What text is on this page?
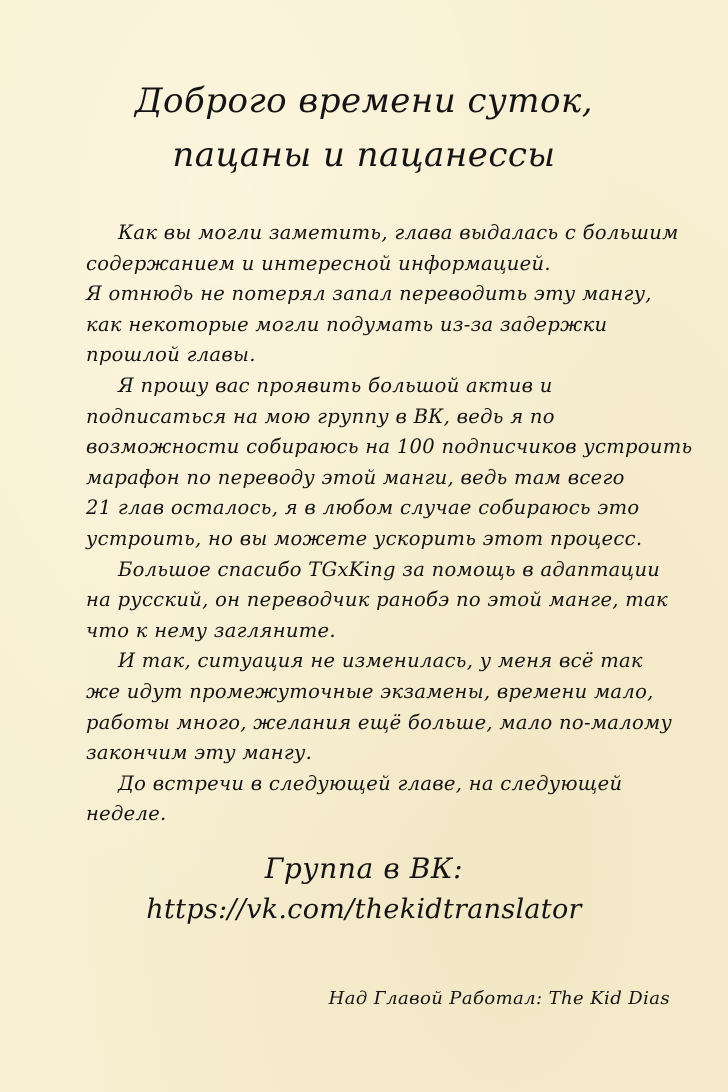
Доброго времени суток,
пацаны и пацанессы
Как вы могли заметить, глава выдалась с большим
содержанием и интересной информацией.
Я отнюдь не потерял запал переводить эту мангу,
как некоторые могли подумать из-за задержки
прошлой главы.
Я прошу вас проявить большой актив и
подписаться на мою группу в ВК, ведь я по
возможности собираюсь на 100 подписчиков устроить
марафон по переводу этой манги, ведь там всего
21 глав осталось, я в любом случае собираюсь это
устроить, но вы можете ускорить этот процесс.
Большое спасибо TGxKing за помощь в адаптации
на русский, он переводчик ранобэ по этой манге, так
что к нему загляните.
И так, ситуация не изменилась, у меня всё так
же идут промежуточные экзамены, времени мало,
работы много, желания ещё больше, мало по-малому
закончим эту мангу.
До встречи в следующей главе, на следующей
неделе.
Группа в ВК:
https://vk.com/thekidtranslator
Над Главой Работал: The Kid Dias
